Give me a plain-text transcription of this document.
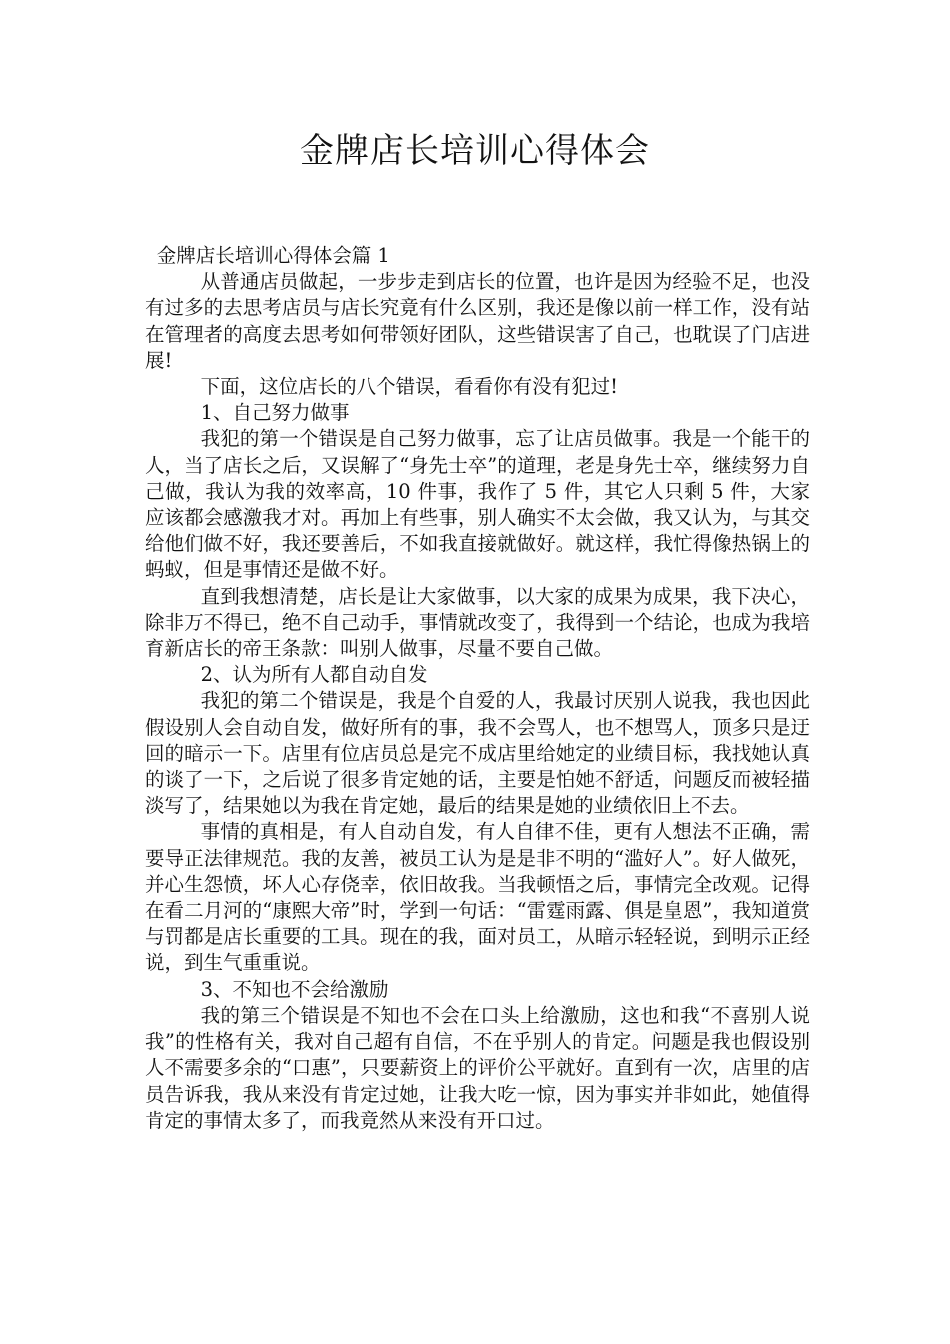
金牌店长培训心得体会

金牌店长培训心得体会篇 1

从普通店员做起，一步步走到店长的位置，也许是因为经验不足，也没有过多的去思考店员与店长究竟有什么区别，我还是像以前一样工作，没有站在管理者的高度去思考如何带领好团队，这些错误害了自己，也耽误了门店进展!

下面，这位店长的八个错误，看看你有没有犯过!

1、自己努力做事

我犯的第一个错误是自己努力做事，忘了让店员做事。我是一个能干的人，当了店长之后，又误解了“身先士卒”的道理，老是身先士卒，继续努力自己做，我认为我的效率高，10 件事，我作了 5 件，其它人只剩 5 件，大家应该都会感激我才对。再加上有些事，别人确实不太会做，我又认为，与其交给他们做不好，我还要善后，不如我直接就做好。就这样，我忙得像热锅上的蚂蚁，但是事情还是做不好。

直到我想清楚，店长是让大家做事，以大家的成果为成果，我下决心，除非万不得已，绝不自己动手，事情就改变了，我得到一个结论，也成为我培育新店长的帝王条款：叫别人做事，尽量不要自己做。

2、认为所有人都自动自发

我犯的第二个错误是，我是个自爱的人，我最讨厌别人说我，我也因此假设别人会自动自发，做好所有的事，我不会骂人，也不想骂人，顶多只是迂回的暗示一下。店里有位店员总是完不成店里给她定的业绩目标，我找她认真的谈了一下，之后说了很多肯定她的话，主要是怕她不舒适，问题反而被轻描淡写了，结果她以为我在肯定她，最后的结果是她的业绩依旧上不去。

事情的真相是，有人自动自发，有人自律不佳，更有人想法不正确，需要导正法律规范。我的友善，被员工认为是是非不明的“滥好人”。好人做死，并心生怨愤，坏人心存侥幸，依旧故我。当我顿悟之后，事情完全改观。记得在看二月河的“康熙大帝”时，学到一句话：“雷霆雨露、俱是皇恩”，我知道赏与罚都是店长重要的工具。现在的我，面对员工，从暗示轻轻说，到明示正经说，到生气重重说。

3、不知也不会给激励

我的第三个错误是不知也不会在口头上给激励，这也和我“不喜别人说我”的性格有关，我对自己超有自信，不在乎别人的肯定。问题是我也假设别人不需要多余的“口惠”，只要薪资上的评价公平就好。直到有一次，店里的店员告诉我，我从来没有肯定过她，让我大吃一惊，因为事实并非如此，她值得肯定的事情太多了，而我竟然从来没有开口过。
